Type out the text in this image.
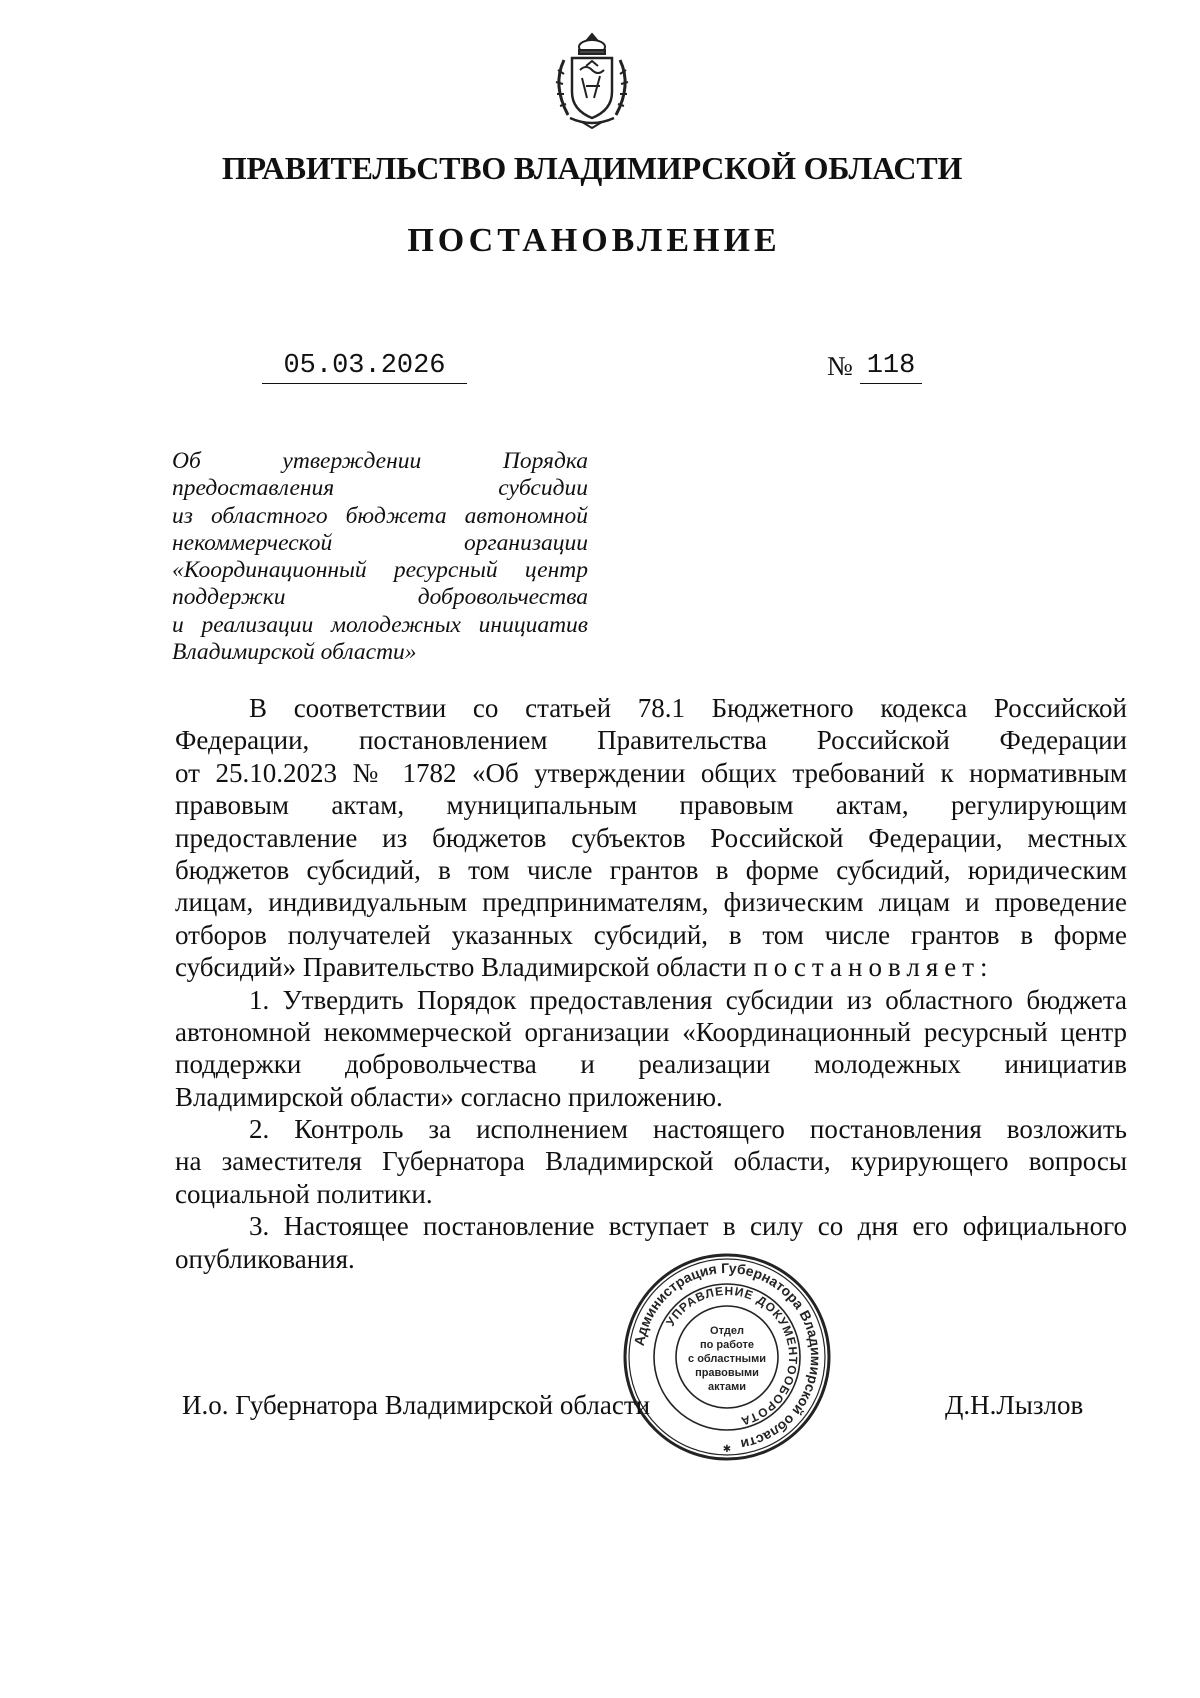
ПРАВИТЕЛЬСТВО ВЛАДИМИРСКОЙ ОБЛАСТИ
ПОСТАНОВЛЕНИЕ
05.03.2026	№ 118
Об утверждении Порядка
предоставления субсидии
из областного бюджета автономной
некоммерческой организации
«Координационный ресурсный центр
поддержки добровольчества
и реализации молодежных инициатив
Владимирской области»
В соответствии со статьей 78.1 Бюджетного кодекса Российской
Федерации, постановлением Правительства Российской Федерации
от 25.10.2023 № 1782 «Об утверждении общих требований к нормативным
правовым актам, муниципальным правовым актам, регулирующим
предоставление из бюджетов субъектов Российской Федерации, местных
бюджетов субсидий, в том числе грантов в форме субсидий, юридическим
лицам, индивидуальным предпринимателям, физическим лицам и проведение
отборов получателей указанных субсидий, в том числе грантов в форме
субсидий» Правительство Владимирской области постановляет:
1. Утвердить Порядок предоставления субсидии из областного бюджета
автономной некоммерческой организации «Координационный ресурсный центр
поддержки добровольчества и реализации молодежных инициатив
Владимирской области» согласно приложению.
2. Контроль за исполнением настоящего постановления возложить
на заместителя Губернатора Владимирской области, курирующего вопросы
социальной политики.
3. Настоящее постановление вступает в силу со дня его официального
опубликования.
И.о. Губернатора Владимирской области	Д.Н.Лызлов
Администрация Губернатора Владимирской области
УПРАВЛЕНИЕ ДОКУМЕНТООБОРОТА
Отдел
по работе
с областными
правовыми
актами
✱
